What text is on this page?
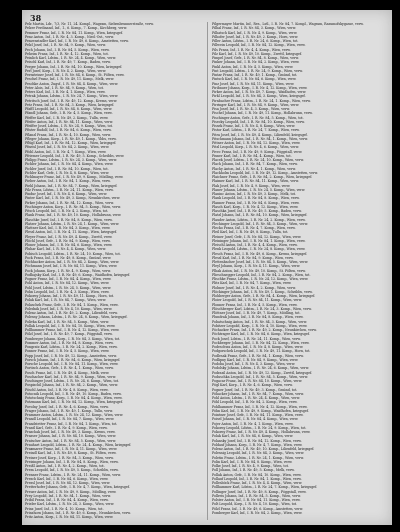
38
Pelz Martin, Ldr., 7/3, Nr. 11, 24. Kompl., Wagram, Siebenbrunnerstraße, verw.
Pelzer Ferdinand, Inf., 1., 6. Komp., 7. Komp., Kirchberg, verw.
Pemmer Franz, Inf., I. R. Nr. 84, 11. Komp., Wien, kriegsgef.
Penz Anton, Inf., I. R. Nr. 4, 3. Komp., Nied.-Öst., verw.
Penzenstadler Karl, Inf., I. R. Nr. 49, 6. Komp., Amstetten, verw.
Pelzl Josef, Inf., I. R. Nr. 84, 9. Komp., Wien, verw.
Pech Johann, Inf., I. R. Nr. 84, 5. Komp., Wien, verw.
Peheim Franz, Inf., I. R. Nr. 4, 12. Komp., Wien, tot.
Peinlich Karl, Ldstm., I. R. Nr. 24, 4. Komp., Wien, verw.
Peischl Karl, Inf., I. R. Nr. 49, 7. Komp., Baden, verw.
Perger Johann, Inf., I. R. Nr. 84, 10. Komp., Wien, kriegsgef.
Perl Josef, Korp., I. R. Nr. 4, 2. Komp., Wien, verw.
Pernsteiner Josef, Inf., I. R. Nr. 84, 6. Komp., St. Pölten, verw.
Peschel Franz, Inf., I. R. Nr. 49, 11. Komp., Melk, verw.
Peschke Anton, Zugsf., I. R. Nr. 84, 4. Komp., Wien, verw.
Peter Alois, Inf., I. R. Nr. 84, 9. Komp., Wien, tot.
Peters Karl, Inf., I. R. Nr. 4, 1. Komp., Wien, verw.
Petrak Johann, Ldstm., I. R. Nr. 24, 7. Komp., Wien, verw.
Petritsch Josef, Inf., I. R. Nr. 49, 12. Komp., Krems, verw.
Petz Franz, Inf., I. R. Nr. 84, 3. Komp., Wien, kriegsgef.
Pfaffl Leopold, Inf., I. R. Nr. 84, 8. Komp., Wien, verw.
Pfandl Johann, Gefr., I. R. Nr. 4, 5. Komp., Wien, verw.
Pfeffer Karl, Inf., I. R. Nr. 49, 2. Komp., Tulln, verw.
Pfeifer Anton, Inf., I. R. Nr. 84, 11. Komp., Wien, verw.
Pfeiffer Josef, Ldstm., I. R. Nr. 24, 9. Komp., Wien, tot.
Pfister Rudolf, Inf., I. R. Nr. 84, 6. Komp., Wien, verw.
Pflanzl Franz, Inf., I. R. Nr. 4, 10. Komp., Wien, verw.
Pfleger Johann, Korp., I. R. Nr. 49, 1. Komp., Ybbs, verw.
Pflügl Karl, Inf., I. R. Nr. 84, 12. Komp., Wien, kriegsgef.
Pfneisl Josef, Inf., I. R. Nr. 84, 2. Komp., Wien, verw.
Pfohl Anton, Inf., I. R. Nr. 4, 7. Komp., Wien, verw.
Pfriemer Leopold, Inf., I. R. Nr. 49, 5. Komp., Scheibbs, verw.
Philipp Franz, Ldstm., I. R. Nr. 24, 3. Komp., Wien, verw.
Pichler Johann, Inf., I. R. Nr. 84, 4. Komp., Wien, verw.
Pichler Josef, Inf., I. R. Nr. 84, 10. Komp., Wien, tot.
Pichler Karl, Gefr., I. R. Nr. 4, 8. Komp., Wien, verw.
Pichlmayer Franz, Inf., I. R. Nr. 49, 9. Komp., Mödling, verw.
Pieber Anton, Inf., I. R. Nr. 84, 1. Komp., Wien, verw.
Piehl Johann, Inf., I. R. Nr. 84, 7. Komp., Wien, kriegsgef.
Pilz Franz, Ldstm., I. R. Nr. 24, 11. Komp., Wien, verw.
Pindur Josef, Inf., I. R. Nr. 4, 6. Komp., Wien, verw.
Pinter Karl, Inf., I. R. Nr. 49, 3. Komp., Neunkirchen, verw.
Pirker Johann, Inf., I. R. Nr. 84, 12. Komp., Wien, verw.
Pischinger Anton, Korp., I. R. Nr. 84, 5. Komp., Wien, verw.
Pitsch Leopold, Inf., I. R. Nr. 4, 2. Komp., Wien, tot.
Plank Franz, Inf., I. R. Nr. 49, 10. Komp., Hollabrunn, verw.
Plaschke Josef, Inf., I. R. Nr. 84, 8. Komp., Wien, verw.
Platzer Johann, Ldstm., I. R. Nr. 24, 1. Komp., Wien, verw.
Plattner Karl, Inf., I. R. Nr. 84, 3. Komp., Wien, verw.
Plessl Anton, Inf., I. R. Nr. 4, 11. Komp., Wien, kriegsgef.
Pleyer Franz, Inf., I. R. Nr. 49, 4. Komp., Zwettl, verw.
Plöchl Josef, Gefr., I. R. Nr. 84, 9. Komp., Wien, verw.
Ploner Johann, Inf., I. R. Nr. 84, 6. Komp., Wien, verw.
Pluhar Karl, Inf., I. R. Nr. 4, 4. Komp., Wien, verw.
Pobisch Leopold, Ldstm., I. R. Nr. 24, 10. Komp., Wien, tot.
Pock Franz, Inf., I. R. Nr. 49, 8. Komp., Gmünd, verw.
Pöchhacker Anton, Inf., I. R. Nr. 84, 2. Komp., Wien, verw.
Pöchmann Josef, Inf., I. R. Nr. 84, 11. Komp., Wien, verw.
Pock Johann, Korp., I. R. Nr. 4, 9. Komp., Wien, verw.
Podhajsky Karl, Inf., I. R. Nr. 49, 6. Komp., Waidhofen, kriegsgef.
Pogner Franz, Inf., I. R. Nr. 84, 4. Komp., Wien, verw.
Pohl Anton, Inf., I. R. Nr. 84, 12. Komp., Wien, verw.
Pohl Josef, Ldstm., I. R. Nr. 24, 5. Komp., Wien, verw.
Pohn Leopold, Inf., I. R. Nr. 4, 3. Komp., Wien, verw.
Pokorny Johann, Inf., I. R. Nr. 49, 11. Komp., Horn, tot.
Polak Karl, Inf., I. R. Nr. 84, 7. Komp., Wien, verw.
Polaschek Franz, Gefr., I. R. Nr. 84, 1. Komp., Wien, verw.
Polednik Josef, Inf., I. R. Nr. 4, 10. Komp., Wien, verw.
Polenz Anton, Inf., I. R. Nr. 49, 2. Komp., Lilienfeld, verw.
Polesny Johann, Ldstm., I. R. Nr. 24, 8. Komp., Wien, kriegsgef.
Polivka Karl, Inf., I. R. Nr. 84, 5. Komp., Wien, verw.
Pollak Leopold, Inf., I. R. Nr. 84, 10. Komp., Wien, verw.
Pollhammer Franz, Inf., I. R. Nr. 4, 12. Komp., Wien, verw.
Pölzl Josef, Inf., I. R. Nr. 49, 7. Komp., Pöggstall, verw.
Pomberger Johann, Korp., I. R. Nr. 84, 3. Komp., Wien, tot.
Pommer Anton, Inf., I. R. Nr. 84, 8. Komp., Wien, verw.
Pongratz Karl, Ldstm., I. R. Nr. 24, 2. Komp., Wien, verw.
Ponner Franz, Inf., I. R. Nr. 4, 5. Komp., Wien, verw.
Popp Josef, Inf., I. R. Nr. 49, 12. Komp., Amstetten, verw.
Porsch Johann, Inf., I. R. Nr. 84, 6. Komp., Wien, kriegsgef.
Porsche Leopold, Inf., I. R. Nr. 84, 11. Komp., Wien, verw.
Portisch Anton, Gefr., I. R. Nr. 4, 1. Komp., Wien, verw.
Posch Franz, Inf., I. R. Nr. 49, 4. Komp., Melk, verw.
Poschacher Karl, Inf., I. R. Nr. 84, 9. Komp., Wien, verw.
Poschinger Josef, Ldstm., I. R. Nr. 24, 6. Komp., Wien, tot.
Pospischil Johann, Inf., I. R. Nr. 84, 2. Komp., Wien, verw.
Pöschl Anton, Inf., I. R. Nr. 4, 8. Komp., Wien, verw.
Potocnik Leopold, Inf., I. R. Nr. 49, 10. Komp., Baden, verw.
Pototschnig Franz, Korp., I. R. Nr. 84, 4. Komp., Wien, verw.
Potzmann Karl, Inf., I. R. Nr. 84, 12. Komp., Wien, kriegsgef.
Povolny Josef, Inf., I. R. Nr. 4, 6. Komp., Wien, verw.
Prager Johann, Inf., I. R. Nr. 49, 1. Komp., Tulln, verw.
Prammer Anton, Ldstm., I. R. Nr. 24, 12. Komp., Wien, verw.
Prandl Leopold, Inf., I. R. Nr. 84, 7. Komp., Wien, verw.
Prandstetter Franz, Inf., I. R. Nr. 84, 1. Komp., Wien, tot.
Prantl Karl, Gefr., I. R. Nr. 4, 9. Komp., Wien, verw.
Praschak Josef, Inf., I. R. Nr. 49, 3. Komp., Krems, verw.
Prasser Johann, Inf., I. R. Nr. 84, 10. Komp., Wien, verw.
Pratscher Anton, Inf., I. R. Nr. 84, 5. Komp., Wien, verw.
Prauhart Leopold, Ldstm., I. R. Nr. 24, 4. Komp., Wien, kriegsgef.
Praxmarer Franz, Inf., I. R. Nr. 4, 11. Komp., Wien, verw.
Preindl Karl, Inf., I. R. Nr. 49, 8. Komp., St. Pölten, verw.
Preiner Josef, Korp., I. R. Nr. 84, 3. Komp., Wien, verw.
Preisinger Johann, Inf., I. R. Nr. 84, 8. Komp., Wien, verw.
Preißl Anton, Inf., I. R. Nr. 4, 2. Komp., Wien, tot.
Prem Leopold, Inf., I. R. Nr. 49, 5. Komp., Scheibbs, verw.
Prenner Franz, Ldstm., I. R. Nr. 24, 11. Komp., Wien, verw.
Presch Karl, Inf., I. R. Nr. 84, 6. Komp., Wien, verw.
Pressl Josef, Inf., I. R. Nr. 84, 12. Komp., Wien, verw.
Pretterhofer Johann, Gefr., I. R. Nr. 4, 7. Komp., Wien, kriegsgef.
Preuer Anton, Inf., I. R. Nr. 49, 9. Komp., Mödling, verw.
Prey Leopold, Inf., I. R. Nr. 84, 1. Komp., Wien, verw.
Pribil Franz, Inf., I. R. Nr. 84, 4. Komp., Wien, verw.
Prieler Karl, Ldstm., I. R. Nr. 24, 3. Komp., Wien, verw.
Prinz Josef, Inf., I. R. Nr. 4, 10. Komp., Wien, tot.
Prinzhorn Johann, Inf., I. R. Nr. 49, 6. Komp., Neunkirchen, verw.
Pritz Anton, Korp., I. R. Nr. 84, 11. Komp., Wien, verw.
Pilgermayer Martin, Inf., Res., Lstl., I. R. Nr. 84, 7. Kompl., Wagram, Rasumofskygasse, verw.
Pilhal Franz, Inf., I. R. Nr. 84, 3. Komp., Wien, verw.
Pilhatsch Karl, Inf., I. R. Nr. 4, 9. Komp., Wien, verw.
Pilhofer Josef, Inf., I. R. Nr. 49, 2. Komp., Horn, verw.
Piller Anton, Ldstm., I. R. Nr. 24, 6. Komp., Wien, tot.
Pillwein Leopold, Inf., I. R. Nr. 84, 12. Komp., Wien, verw.
Pils Franz, Inf., I. R. Nr. 4, 4. Komp., Wien, verw.
Pilz Karl, Inf., I. R. Nr. 49, 10. Komp., Zwettl, kriegsgef.
Pimpel Josef, Gefr., I. R. Nr. 84, 8. Komp., Wien, verw.
Pinker Johann, Inf., I. R. Nr. 84, 2. Komp., Wien, verw.
Pinkl Anton, Inf., I. R. Nr. 4, 5. Komp., Wien, verw.
Pint Leopold, Ldstm., I. R. Nr. 24, 9. Komp., Wien, verw.
Pintar Franz, Inf., I. R. Nr. 49, 1. Komp., Gmünd, tot.
Pintsch Karl, Inf., I. R. Nr. 84, 6. Komp., Wien, verw.
Pinz Josef, Inf., I. R. Nr. 84, 11. Komp., Wien, verw.
Piribauer Johann, Korp., I. R. Nr. 4, 12. Komp., Wien, verw.
Pirker Anton, Inf., I. R. Nr. 49, 7. Komp., Waidhofen, verw.
Pirkl Leopold, Inf., I. R. Nr. 84, 3. Komp., Wien, kriegsgef.
Pirnbacher Franz, Ldstm., I. R. Nr. 24, 1. Komp., Wien, verw.
Pirringer Karl, Inf., I. R. Nr. 84, 9. Komp., Wien, verw.
Pisa Josef, Inf., I. R. Nr. 4, 3. Komp., Wien, verw.
Pischel Johann, Inf., I. R. Nr. 49, 11. Komp., Hollabrunn, verw.
Pischinger Anton, Gefr., I. R. Nr. 84, 5. Komp., Wien, tot.
Pisecky Leopold, Inf., I. R. Nr. 84, 10. Komp., Wien, verw.
Pissek Franz, Inf., I. R. Nr. 4, 8. Komp., Wien, verw.
Pistor Karl, Ldstm., I. R. Nr. 24, 7. Komp., Wien, verw.
Pitra Josef, Inf., I. R. Nr. 49, 4. Komp., Lilienfeld, kriegsgef.
Pitschmann Johann, Inf., I. R. Nr. 84, 1. Komp., Wien, verw.
Pittner Anton, Inf., I. R. Nr. 84, 12. Komp., Wien, verw.
Pitzl Leopold, Korp., I. R. Nr. 4, 6. Komp., Wien, verw.
Pivec Franz, Inf., I. R. Nr. 49, 9. Komp., Pöggstall, verw.
Pixner Karl, Inf., I. R. Nr. 84, 4. Komp., Wien, tot.
Placek Josef, Ldstm., I. R. Nr. 24, 10. Komp., Wien, verw.
Plach Johann, Inf., I. R. Nr. 84, 7. Komp., Wien, verw.
Plachy Anton, Inf., I. R. Nr. 4, 1. Komp., Wien, verw.
Plackholm Leopold, Inf., I. R. Nr. 49, 12. Komp., Amstetten, verw.
Plaichner Franz, Gefr., I. R. Nr. 84, 2. Komp., Wien, kriegsgef.
Plaimer Karl, Inf., I. R. Nr. 84, 11. Komp., Wien, verw.
Plak Josef, Inf., I. R. Nr. 4, 9. Komp., Wien, verw.
Planer Johann, Ldstm., I. R. Nr. 24, 5. Komp., Wien, verw.
Planinc Anton, Inf., I. R. Nr. 49, 3. Komp., Melk, tot.
Plank Leopold, Inf., I. R. Nr. 84, 8. Komp., Wien, verw.
Planner Franz, Inf., I. R. Nr. 84, 6. Komp., Wien, verw.
Plasch Karl, Korp., I. R. Nr. 4, 12. Komp., Wien, verw.
Plaschka Josef, Inf., I. R. Nr. 49, 5. Komp., Baden, verw.
Platzl Johann, Inf., I. R. Nr. 84, 10. Komp., Wien, kriegsgef.
Plauder Anton, Ldstm., I. R. Nr. 24, 2. Komp., Wien, verw.
Plechinger Leopold, Inf., I. R. Nr. 84, 3. Komp., Wien, verw.
Plecko Franz, Inf., I. R. Nr. 4, 7. Komp., Wien, verw.
Pleil Karl, Inf., I. R. Nr. 49, 8. Komp., Tulln, tot.
Pleiner Josef, Gefr., I. R. Nr. 84, 12. Komp., Wien, verw.
Pleininger Johann, Inf., I. R. Nr. 84, 1. Komp., Wien, verw.
Pleischl Anton, Inf., I. R. Nr. 4, 4. Komp., Wien, verw.
Plenk Leopold, Ldstm., I. R. Nr. 24, 8. Komp., Wien, verw.
Plesch Franz, Inf., I. R. Nr. 49, 6. Komp., Krems, kriegsgef.
Plessl Karl, Inf., I. R. Nr. 84, 9. Komp., Wien, verw.
Plettenbacher Josef, Inf., I. R. Nr. 84, 5. Komp., Wien, verw.
Pleyl Johann, Korp., I. R. Nr. 4, 11. Komp., Wien, verw.
Plhak Anton, Inf., I. R. Nr. 49, 10. Komp., St. Pölten, verw.
Plieschnegger Leopold, Inf., I. R. Nr. 84, 2. Komp., Wien, tot.
Plischke Franz, Ldstm., I. R. Nr. 24, 12. Komp., Wien, verw.
Plitz Karl, Inf., I. R. Nr. 84, 7. Komp., Wien, verw.
Plobner Josef, Inf., I. R. Nr. 4, 2. Komp., Wien, verw.
Plöckinger Johann, Inf., I. R. Nr. 49, 1. Komp., Scheibbs, verw.
Plohberger Anton, Gefr., I. R. Nr. 84, 4. Komp., Wien, kriegsgef.
Ploier Leopold, Inf., I. R. Nr. 84, 11. Komp., Wien, verw.
Plonner Franz, Inf., I. R. Nr. 4, 5. Komp., Wien, verw.
Plöschberger Karl, Ldstm., I. R. Nr. 24, 3. Komp., Wien, verw.
Plöttner Josef, Inf., I. R. Nr. 49, 7. Komp., Mödling, tot.
Plundrak Johann, Inf., I. R. Nr. 84, 8. Komp., Wien, verw.
Pobatschnig Anton, Inf., I. R. Nr. 84, 3. Komp., Wien, verw.
Pobitzer Leopold, Korp., I. R. Nr. 4, 10. Komp., Wien, verw.
Pöchacker Franz, Inf., I. R. Nr. 49, 2. Komp., Neunkirchen, verw.
Pöchtrager Karl, Inf., I. R. Nr. 84, 6. Komp., Wien, kriegsgef.
Pock Josef, Ldstm., I. R. Nr. 24, 11. Komp., Wien, verw.
Pockberger Johann, Inf., I. R. Nr. 84, 12. Komp., Wien, verw.
Podeschwa Anton, Inf., I. R. Nr. 4, 8. Komp., Wien, verw.
Podgorschek Leopold, Inf., I. R. Nr. 49, 11. Komp., Horn, tot.
Podlesak Franz, Gefr., I. R. Nr. 84, 1. Komp., Wien, verw.
Podlipny Karl, Inf., I. R. Nr. 84, 9. Komp., Wien, verw.
Podoba Josef, Inf., I. R. Nr. 4, 3. Komp., Wien, verw.
Podolsky Johann, Ldstm., I. R. Nr. 24, 6. Komp., Wien, verw.
Podrazil Anton, Inf., I. R. Nr. 49, 12. Komp., Zwettl, kriegsgef.
Poduschka Leopold, Inf., I. R. Nr. 84, 5. Komp., Wien, verw.
Pogacar Franz, Inf., I. R. Nr. 84, 10. Komp., Wien, verw.
Pögl Karl, Korp., I. R. Nr. 4, 6. Komp., Wien, verw.
Pogner Josef, Inf., I. R. Nr. 49, 3. Komp., Gmünd, tot.
Pöhacker Johann, Inf., I. R. Nr. 84, 7. Komp., Wien, verw.
Pohl Anton, Ldstm., I. R. Nr. 24, 4. Komp., Wien, verw.
Pöhl Leopold, Inf., I. R. Nr. 84, 2. Komp., Wien, verw.
Pohlhammer Franz, Inf., I. R. Nr. 4, 12. Komp., Wien, verw.
Pöhn Karl, Inf., I. R. Nr. 49, 9. Komp., Waidhofen, kriegsgef.
Pointner Josef, Gefr., I. R. Nr. 84, 11. Komp., Wien, verw.
Poisel Johann, Inf., I. R. Nr. 84, 4. Komp., Wien, verw.
Pojer Anton, Inf., I. R. Nr. 4, 1. Komp., Wien, verw.
Pokorny Leopold, Ldstm., I. R. Nr. 24, 9. Komp., Wien, tot.
Pokorny Franz, Inf., I. R. Nr. 49, 4. Komp., Hollabrunn, verw.
Polak Karl, Inf., I. R. Nr. 84, 6. Komp., Wien, verw.
Polansky Josef, Inf., I. R. Nr. 84, 12. Komp., Wien, verw.
Poldauf Johann, Korp., I. R. Nr. 4, 7. Komp., Wien, verw.
Polenz Anton, Inf., I. R. Nr. 49, 10. Komp., Lilienfeld, kriegsgef.
Polesnig Leopold, Inf., I. R. Nr. 84, 3. Komp., Wien, verw.
Poletin Franz, Ldstm., I. R. Nr. 24, 1. Komp., Wien, verw.
Polin Karl, Inf., I. R. Nr. 84, 8. Komp., Wien, verw.
Polke Josef, Inf., I. R. Nr. 4, 9. Komp., Wien, tot.
Poll Johann, Inf., I. R. Nr. 49, 5. Komp., Melk, verw.
Pollak Anton, Gefr., I. R. Nr. 84, 10. Komp., Wien, verw.
Pollauf Leopold, Inf., I. R. Nr. 84, 1. Komp., Wien, verw.
Pollesböck Franz, Inf., I. R. Nr. 4, 4. Komp., Wien, verw.
Pollhammer Karl, Ldstm., I. R. Nr. 24, 7. Komp., Wien, kriegsgef.
Pollinger Josef, Inf., I. R. Nr. 49, 8. Komp., Pöggstall, verw.
Pollreis Johann, Inf., I. R. Nr. 84, 5. Komp., Wien, verw.
Polster Anton, Inf., I. R. Nr. 84, 11. Komp., Wien, verw.
Polt Leopold, Korp., I. R. Nr. 4, 10. Komp., Wien, tot.
Pölzl Franz, Inf., I. R. Nr. 49, 6. Komp., Amstetten, verw.
Pomberger Karl, Inf., I. R. Nr. 84, 2. Komp., Wien, verw.
